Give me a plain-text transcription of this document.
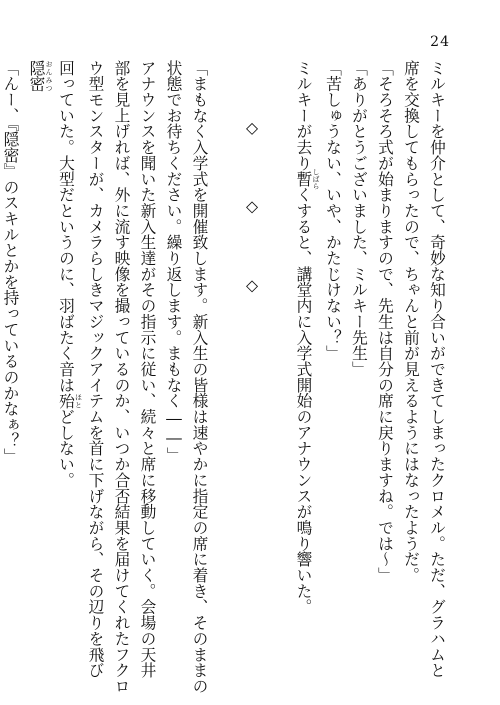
24
ミルキーを仲介として、奇妙な知り合いができてしまったクロメル。ただ、グラハムと
席を交換してもらったので、ちゃんと前が見えるようにはなったようだ。
「そろそろ式が始まりますので、先生は自分の席に戻りますね。では～」
「ありがとうございました、ミルキー先生」
「苦しゅうない、いや、かたじけない？」
ミルキーが去り暫しばらくすると、講堂内に入学式開始のアナウンスが鳴り響いた。
◇　◇　◇
「まもなく入学式を開催致します。新入生の皆様は速やかに指定の席に着き、そのままの
状態でお待ちください。繰り返します。まもなく――」
アナウンスを聞いた新入生達がその指示に従い、続々と席に移動していく。会場の天井
部を見上げれば、外に流す映像を撮っているのか、いつか合否結果を届けてくれたフクロ
ウ型モンスターが、カメラらしきマジックアイテムを首に下げながら、その辺りを飛び
回っていた。大型だというのに、羽ばたく音は殆ほとどしない。
隠密おんみつ
「んー、『隠密』のスキルとかを持っているのかなぁ？」
